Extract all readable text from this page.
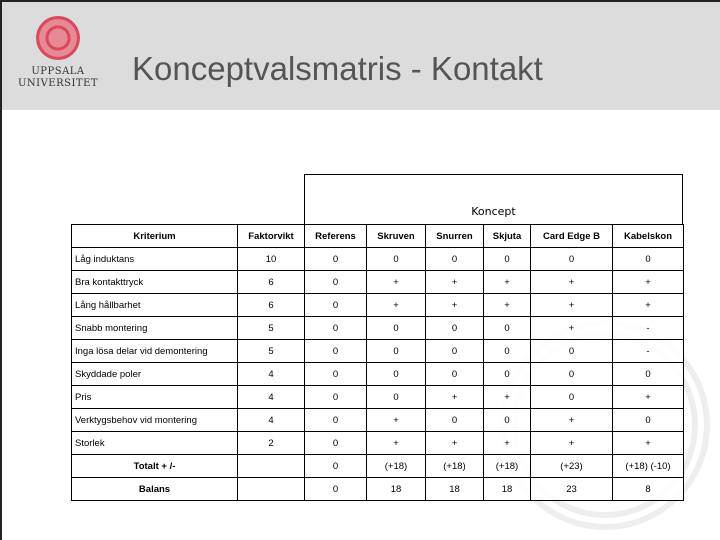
UPPSALA
UNIVERSITET Konceptvalsmatris - Kontakt
Koncept
Kriterium	Faktorvikt	Referens	Skruven	Snurren	Skjuta	Card Edge B	Kabelskon
Låg induktans	10	0	0	0	0	0	0
Bra kontakttryck	6	0	+	+	+	+	+
Lång hållbarhet	6	0	+	+	+	+	+
Snabb montering	5	0	0	0	0	+	-
Inga lösa delar vid demontering	5	0	0	0	0	0	-
Skyddade poler	4	0	0	0	0	0	0
Pris	4	0	0	+	+	0	+
Verktygsbehov vid montering	4	0	+	0	0	+	0
Storlek	2	0	+	+	+	+	+
Totalt + /-		0	(+18)	(+18)	(+18)	(+23)	(+18) (-10)
Balans		0	18	18	18	23	8
